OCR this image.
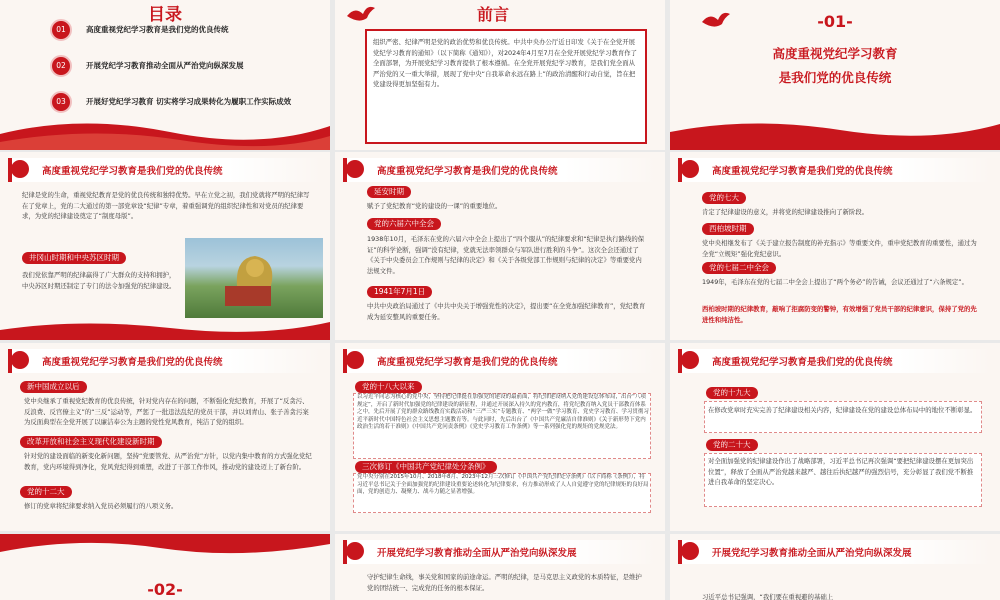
目录
01	高度重视党纪学习教育是我们党的优良传统
02	开展党纪学习教育推动全面从严治党向纵深发展
03	开展好党纪学习教育 切实将学习成果转化为履职工作实际成效
前言
组织严密、纪律严明是党的政治优势和优良传统。中共中央办公厅近日印发《关于在全党开展党纪学习教育的通知》（以下简称《通知》），对2024年4月至7月在全党开展党纪学习教育作了全面部署，为开展党纪学习教育提供了根本遵循。在全党开展党纪学习教育，是我们党全面从严治党的又一重大举措，展现了党中央“自我革命永远在路上”的政治清醒和行动自觉，旨在把党建设得更加坚强有力。
-01-
高度重视党纪学习教育
是我们党的优良传统
高度重视党纪学习教育是我们党的优良传统
纪律是党的生命，重视党纪教育是党的优良传统和独特优势。早在立党之初，我们党就将严明的纪律写在了党章上，党的二大通过的第一部党章设“纪律”专章，着重强调党的组织纪律性和对党员的纪律要求，为党的纪律建设奠定了“制度母版”。
井冈山时期和中央苏区时期
我们党依靠严明的纪律赢得了广大群众的支持和拥护，中央苏区时期还制定了专门的法令加强党的纪律建设。
高度重视党纪学习教育是我们党的优良传统
延安时期
赋予了党纪教育“党的建设的一课”的重要地位。
党的六届六中全会
1938年10月，毛泽东在党的六届六中全会上提出了“四个服从”的纪律要求和“纪律是执行路线的保证”的科学论断，强调“没有纪律，党就无法率领群众与军队进行胜利的斗争”。这次全会还通过了《关于中央委员会工作规则与纪律的决定》和《关于各级党部工作规则与纪律的决定》等重要党内法规文件。
1941年7月1日
中共中央政治局通过了《中共中央关于增强党性的决定》，提出要“在全党加强纪律教育”，党纪教育成为延安整风的重要任务。
高度重视党纪学习教育是我们党的优良传统
党的七大
肯定了纪律建设的意义，并将党的纪律建设推向了新阶段。
西柏坡时期
党中央相继发布了《关于建立报告制度的补充指示》等重要文件，重申党纪教育的重要性，通过为全党“立规矩”强化党纪意识。
党的七届二中全会
1949年，毛泽东在党的七届二中全会上提出了“两个务必”的告诫，会议还通过了“六条规定”。
西柏坡时期的纪律教育，敲响了拒腐防变的警钟，有效增强了党员干部的纪律意识，保持了党的先进性和纯洁性。
高度重视党纪学习教育是我们党的优良传统
新中国成立以后
党中央继承了重视党纪教育的优良传统，针对党内存在的问题，不断强化党纪教育，开展了“反贪污、反浪费、反官僚主义”的“三反”运动等，严惩了一批违法乱纪的党员干部，并以刘青山、张子善贪污案为反面典型在全党开展了以廉洁奉公为主题的党性党风教育，纯洁了党的组织。
改革开放和社会主义现代化建设新时期
针对党的建设面临的新变化新问题，坚持“党要管党、从严治党”方针，以党内集中教育的方式强化党纪教育，党内环境得到净化，党风党纪得到重塑，改进了干部工作作风，推动党的建设迈上了新台阶。
党的十二大
修订的党章将纪律要求纳入党员必须履行的八项义务。
高度重视党纪学习教育是我们党的优良传统
党的十八大以来
以习近平同志为核心的党中央，坚持把纪律挺在加强党的建设的最前面，将纪律建设纳入党的建设总体布局，出台“八项规定”，开启了新时代加强党的纪律建设的新征程，并通过开展深入持久的党内教育，将党纪教育纳入党员干部教育体系之中，先后开展了党的群众路线教育实践活动和“三严三实”专题教育、“两学一做”学习教育、党史学习教育、学习贯彻习近平新时代中国特色社会主义思想主题教育等。与此同时，先后出台了《中国共产党廉洁自律准则》《关于新形势下党内政治生活的若干准则》《中国共产党问责条例》《党史学习教育工作条例》等一系列强化党的规矩的党规党法。
三次修订《中国共产党纪律处分条例》
党中央分别在2015年10月、2018年8月、2023年12月三次修订《中国共产党纪律处分条例》（以下简称《条例》），将习近平总书记关于全面加强党的纪律建设重要论述转化为纪律要求，有力推动形成了人人自觉遵守党的纪律规矩的良好局面，党的创造力、凝聚力、战斗力随之显著增强。
高度重视党纪学习教育是我们党的优良传统
党的十九大
在修改党章时充实完善了纪律建设相关内容，纪律建设在党的建设总体布局中的地位不断彰显。
党的二十大
对全面加强党的纪律建设作出了战略部署，习近平总书记再次强调“要把纪律建设摆在更加突出位置”，释放了全面从严治党越来越严、越往后执纪越严的强烈信号，充分彰显了我们党不断推进自我革命的坚定决心。
-02-
开展党纪学习教育推动全面从严治党向纵深发展
守护纪律生命线，事关党和国家的前途命运。严明的纪律，是马克思主义政党的本质特征，是维护党的团结统一、完成党的任务的根本保证。
开展党纪学习教育推动全面从严治党向纵深发展
习近平总书记强调，“我们要在重视避的基础上
